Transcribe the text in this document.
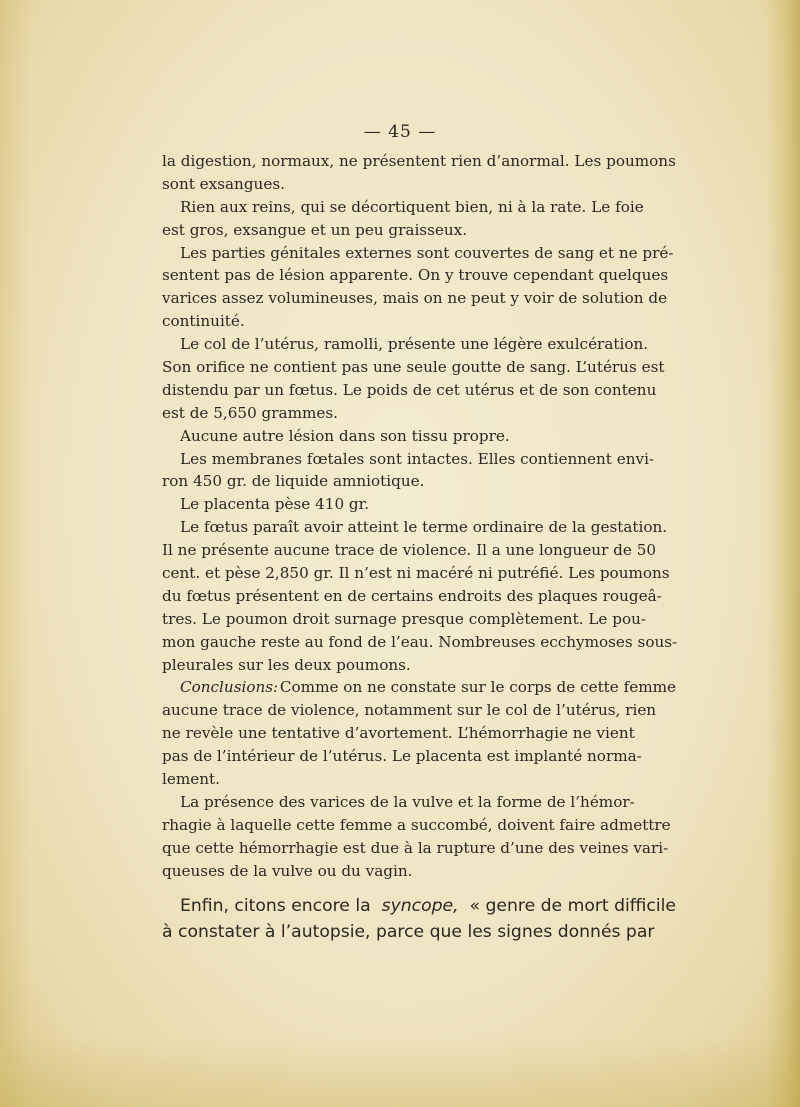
— 45 —
la digestion, normaux, ne présentent rien d’anormal. Les poumons
sont exsangues.
Rien aux reins, qui se décortiquent bien, ni à la rate. Le foie
est gros, exsangue et un peu graisseux.
Les parties génitales externes sont couvertes de sang et ne pré-
sentent pas de lésion apparente. On y trouve cependant quelques
varices assez volumineuses, mais on ne peut y voir de solution de
continuité.
Le col de l’utérus, ramolli, présente une légère exulcération.
Son orifice ne contient pas une seule goutte de sang. L’utérus est
distendu par un fœtus. Le poids de cet utérus et de son contenu
est de 5,650 grammes.
Aucune autre lésion dans son tissu propre.
Les membranes fœtales sont intactes. Elles contiennent envi-
ron 450 gr. de liquide amniotique.
Le placenta pèse 410 gr.
Le fœtus paraît avoir atteint le terme ordinaire de la gestation.
Il ne présente aucune trace de violence. Il a une longueur de 50
cent. et pèse 2,850 gr. Il n’est ni macéré ni putréfié. Les poumons
du fœtus présentent en de certains endroits des plaques rougeâ-
tres. Le poumon droit surnage presque complètement. Le pou-
mon gauche reste au fond de l’eau. Nombreuses ecchymoses sous-
pleurales sur les deux poumons.
Conclusions: Comme on ne constate sur le corps de cette femme
aucune trace de violence, notamment sur le col de l’utérus, rien
ne revèle une tentative d’avortement. L’hémorrhagie ne vient
pas de l’intérieur de l’utérus. Le placenta est implanté norma-
lement.
La présence des varices de la vulve et la forme de l’hémor-
rhagie à laquelle cette femme a succombé, doivent faire admettre
que cette hémorrhagie est due à la rupture d’une des veines vari-
queuses de la vulve ou du vagin.
Enfin, citons encore la syncope, « genre de mort difficile
à constater à l’autopsie, parce que les signes donnés par
